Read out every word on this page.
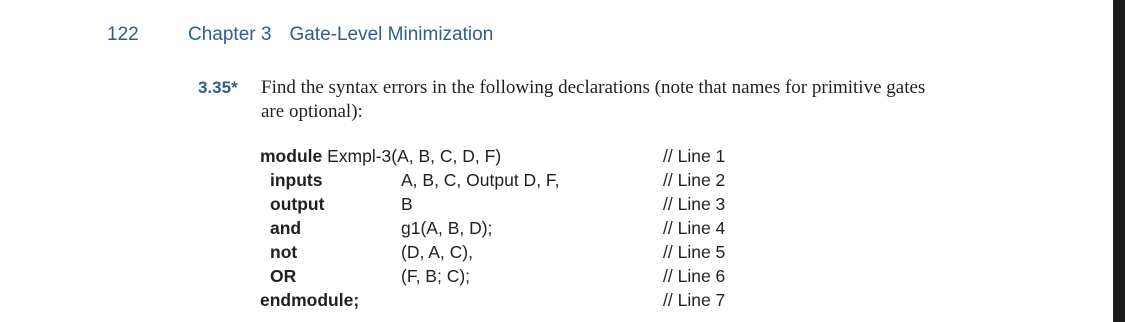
122	Chapter 3 Gate-Level Minimization
3.35* Find the syntax errors in the following declarations (note that names for primitive gates
are optional):
module Exmpl-3(A, B, C, D, F)	// Line 1
inputs	A, B, C, Output D, F,	// Line 2
output	B	// Line 3
and	g1(A, B, D);	// Line 4
not	(D, A, C),	// Line 5
OR	(F, B; C);	// Line 6
endmodule;	// Line 7
